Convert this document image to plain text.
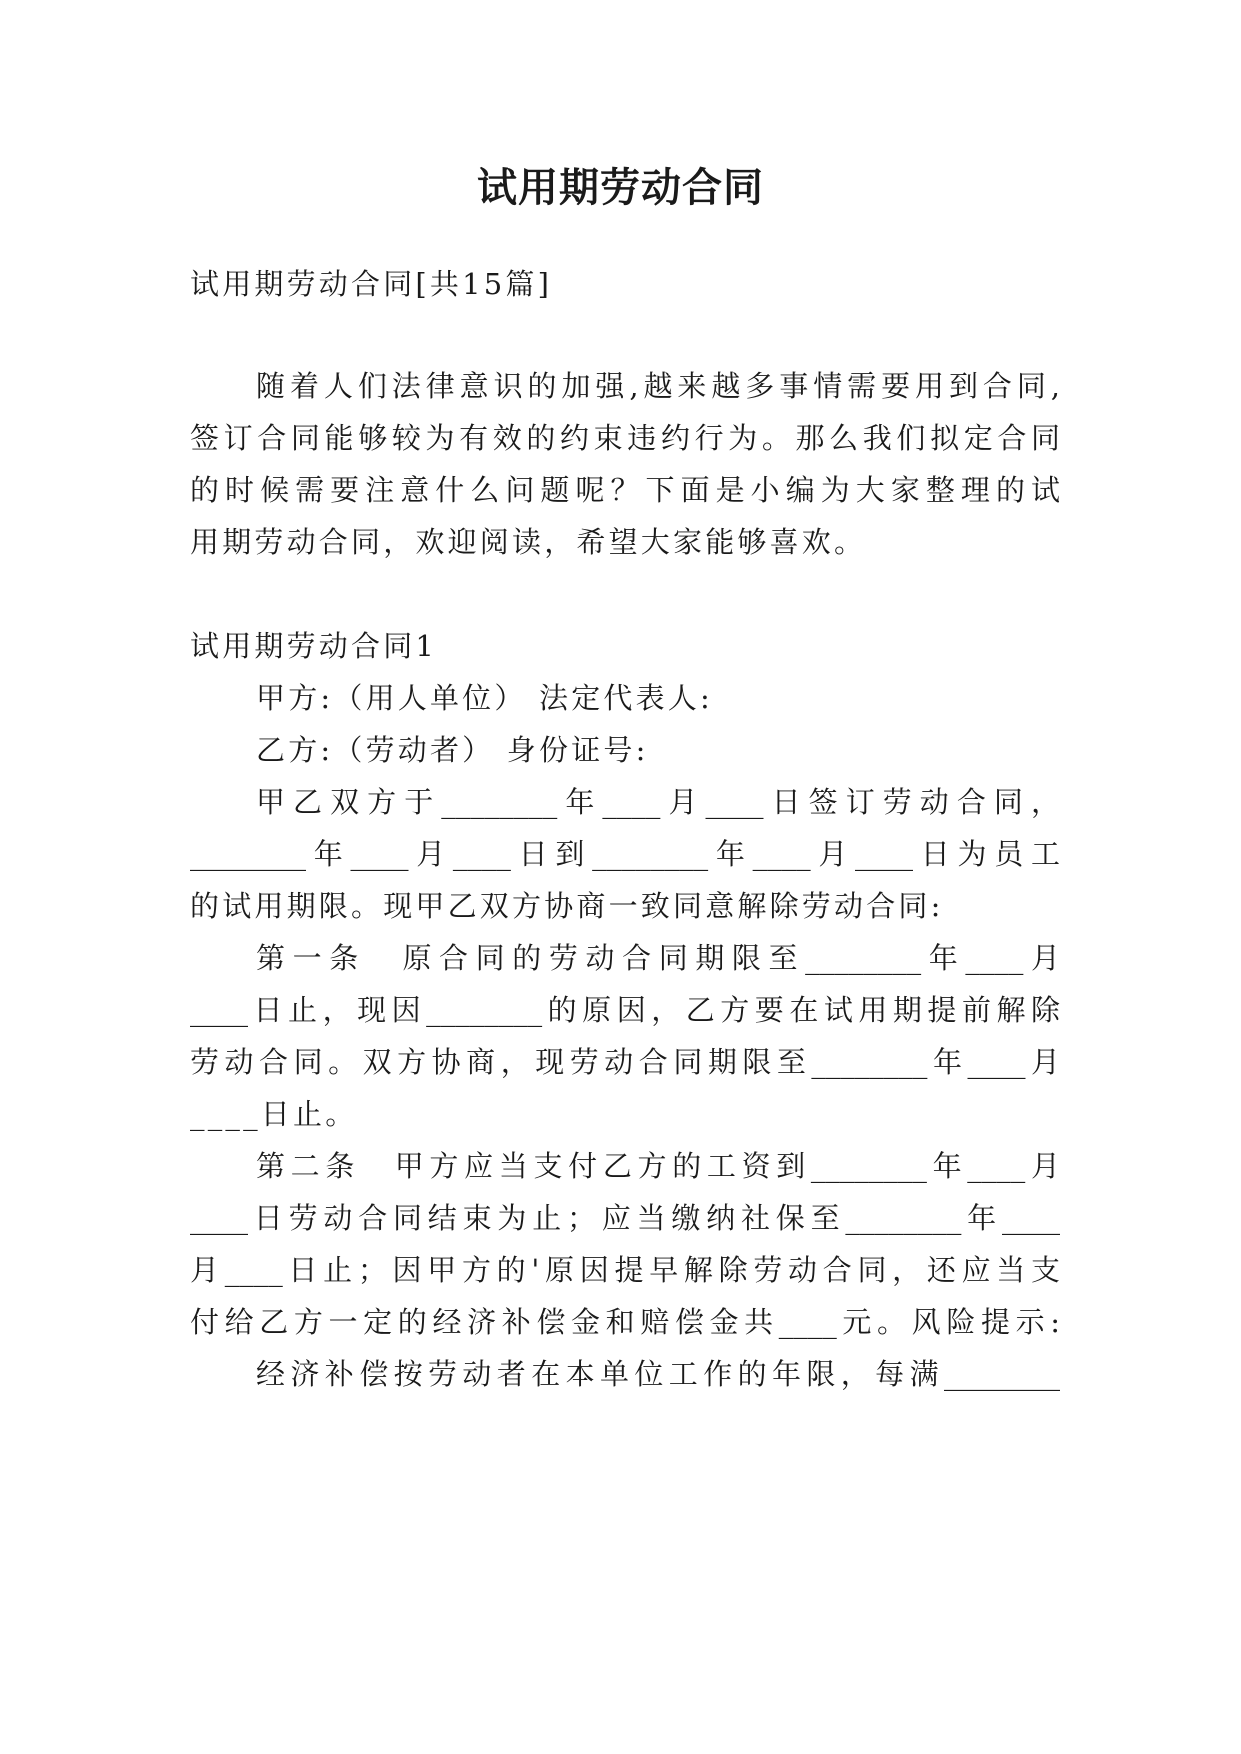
试用期劳动合同
试用期劳动合同[共15篇]
随着人们法律意识的加强,越来越多事情需要用到合同,
签订合同能够较为有效的约束违约行为。那么我们拟定合同
的时候需要注意什么问题呢？下面是小编为大家整理的试
用期劳动合同，欢迎阅读，希望大家能够喜欢。
试用期劳动合同1
甲方:（用人单位） 法定代表人:
乙方:（劳动者） 身份证号:
甲乙双方于________年____月____日签订劳动合同，
________年____月____日到________年____月____日为员工
的试用期限。现甲乙双方协商一致同意解除劳动合同:
第一条　原合同的劳动合同期限至________年____月
____日止，现因________的原因，乙方要在试用期提前解除
劳动合同。双方协商，现劳动合同期限至________年____月
____日止。
第二条　甲方应当支付乙方的工资到________年____月
____日劳动合同结束为止；应当缴纳社保至________年____
月____日止；因甲方的'原因提早解除劳动合同，还应当支
付给乙方一定的经济补偿金和赔偿金共____元。风险提示:
经济补偿按劳动者在本单位工作的年限，每满________
